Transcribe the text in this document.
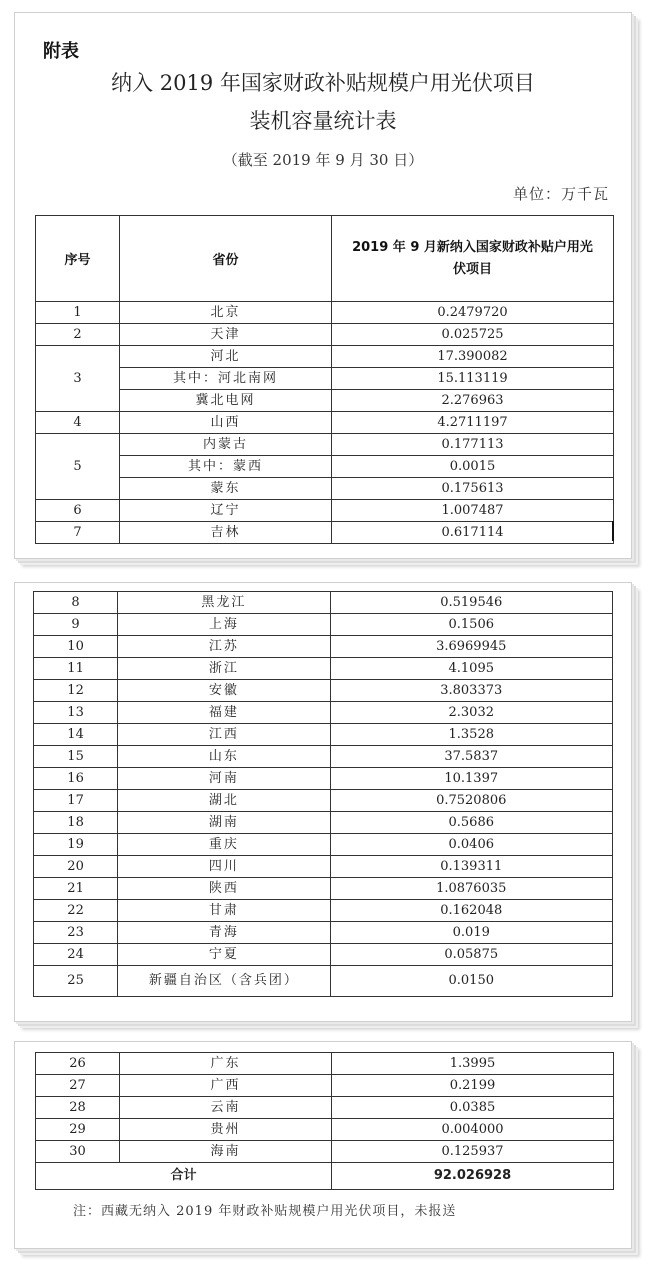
附表
纳入 2019 年国家财政补贴规模户用光伏项目
装机容量统计表
（截至 2019 年 9 月 30 日）
单位：万千瓦
序号	省份	2019 年 9 月新纳入国家财政补贴户用光伏项目
1	北京	0.2479720
2	天津	0.025725
3	河北	17.390082
	其中：河北南网	15.113119
	冀北电网	2.276963
4	山西	4.2711197
5	内蒙古	0.177113
	其中：蒙西	0.0015
	蒙东	0.175613
6	辽宁	1.007487
7	吉林	0.617114
8	黑龙江	0.519546
9	上海	0.1506
10	江苏	3.6969945
11	浙江	4.1095
12	安徽	3.803373
13	福建	2.3032
14	江西	1.3528
15	山东	37.5837
16	河南	10.1397
17	湖北	0.7520806
18	湖南	0.5686
19	重庆	0.0406
20	四川	0.139311
21	陕西	1.0876035
22	甘肃	0.162048
23	青海	0.019
24	宁夏	0.05875
25	新疆自治区（含兵团）	0.0150
26	广东	1.3995
27	广西	0.2199
28	云南	0.0385
29	贵州	0.004000
30	海南	0.125937
合计		92.026928
注：西藏无纳入 2019 年财政补贴规模户用光伏项目，未报送
